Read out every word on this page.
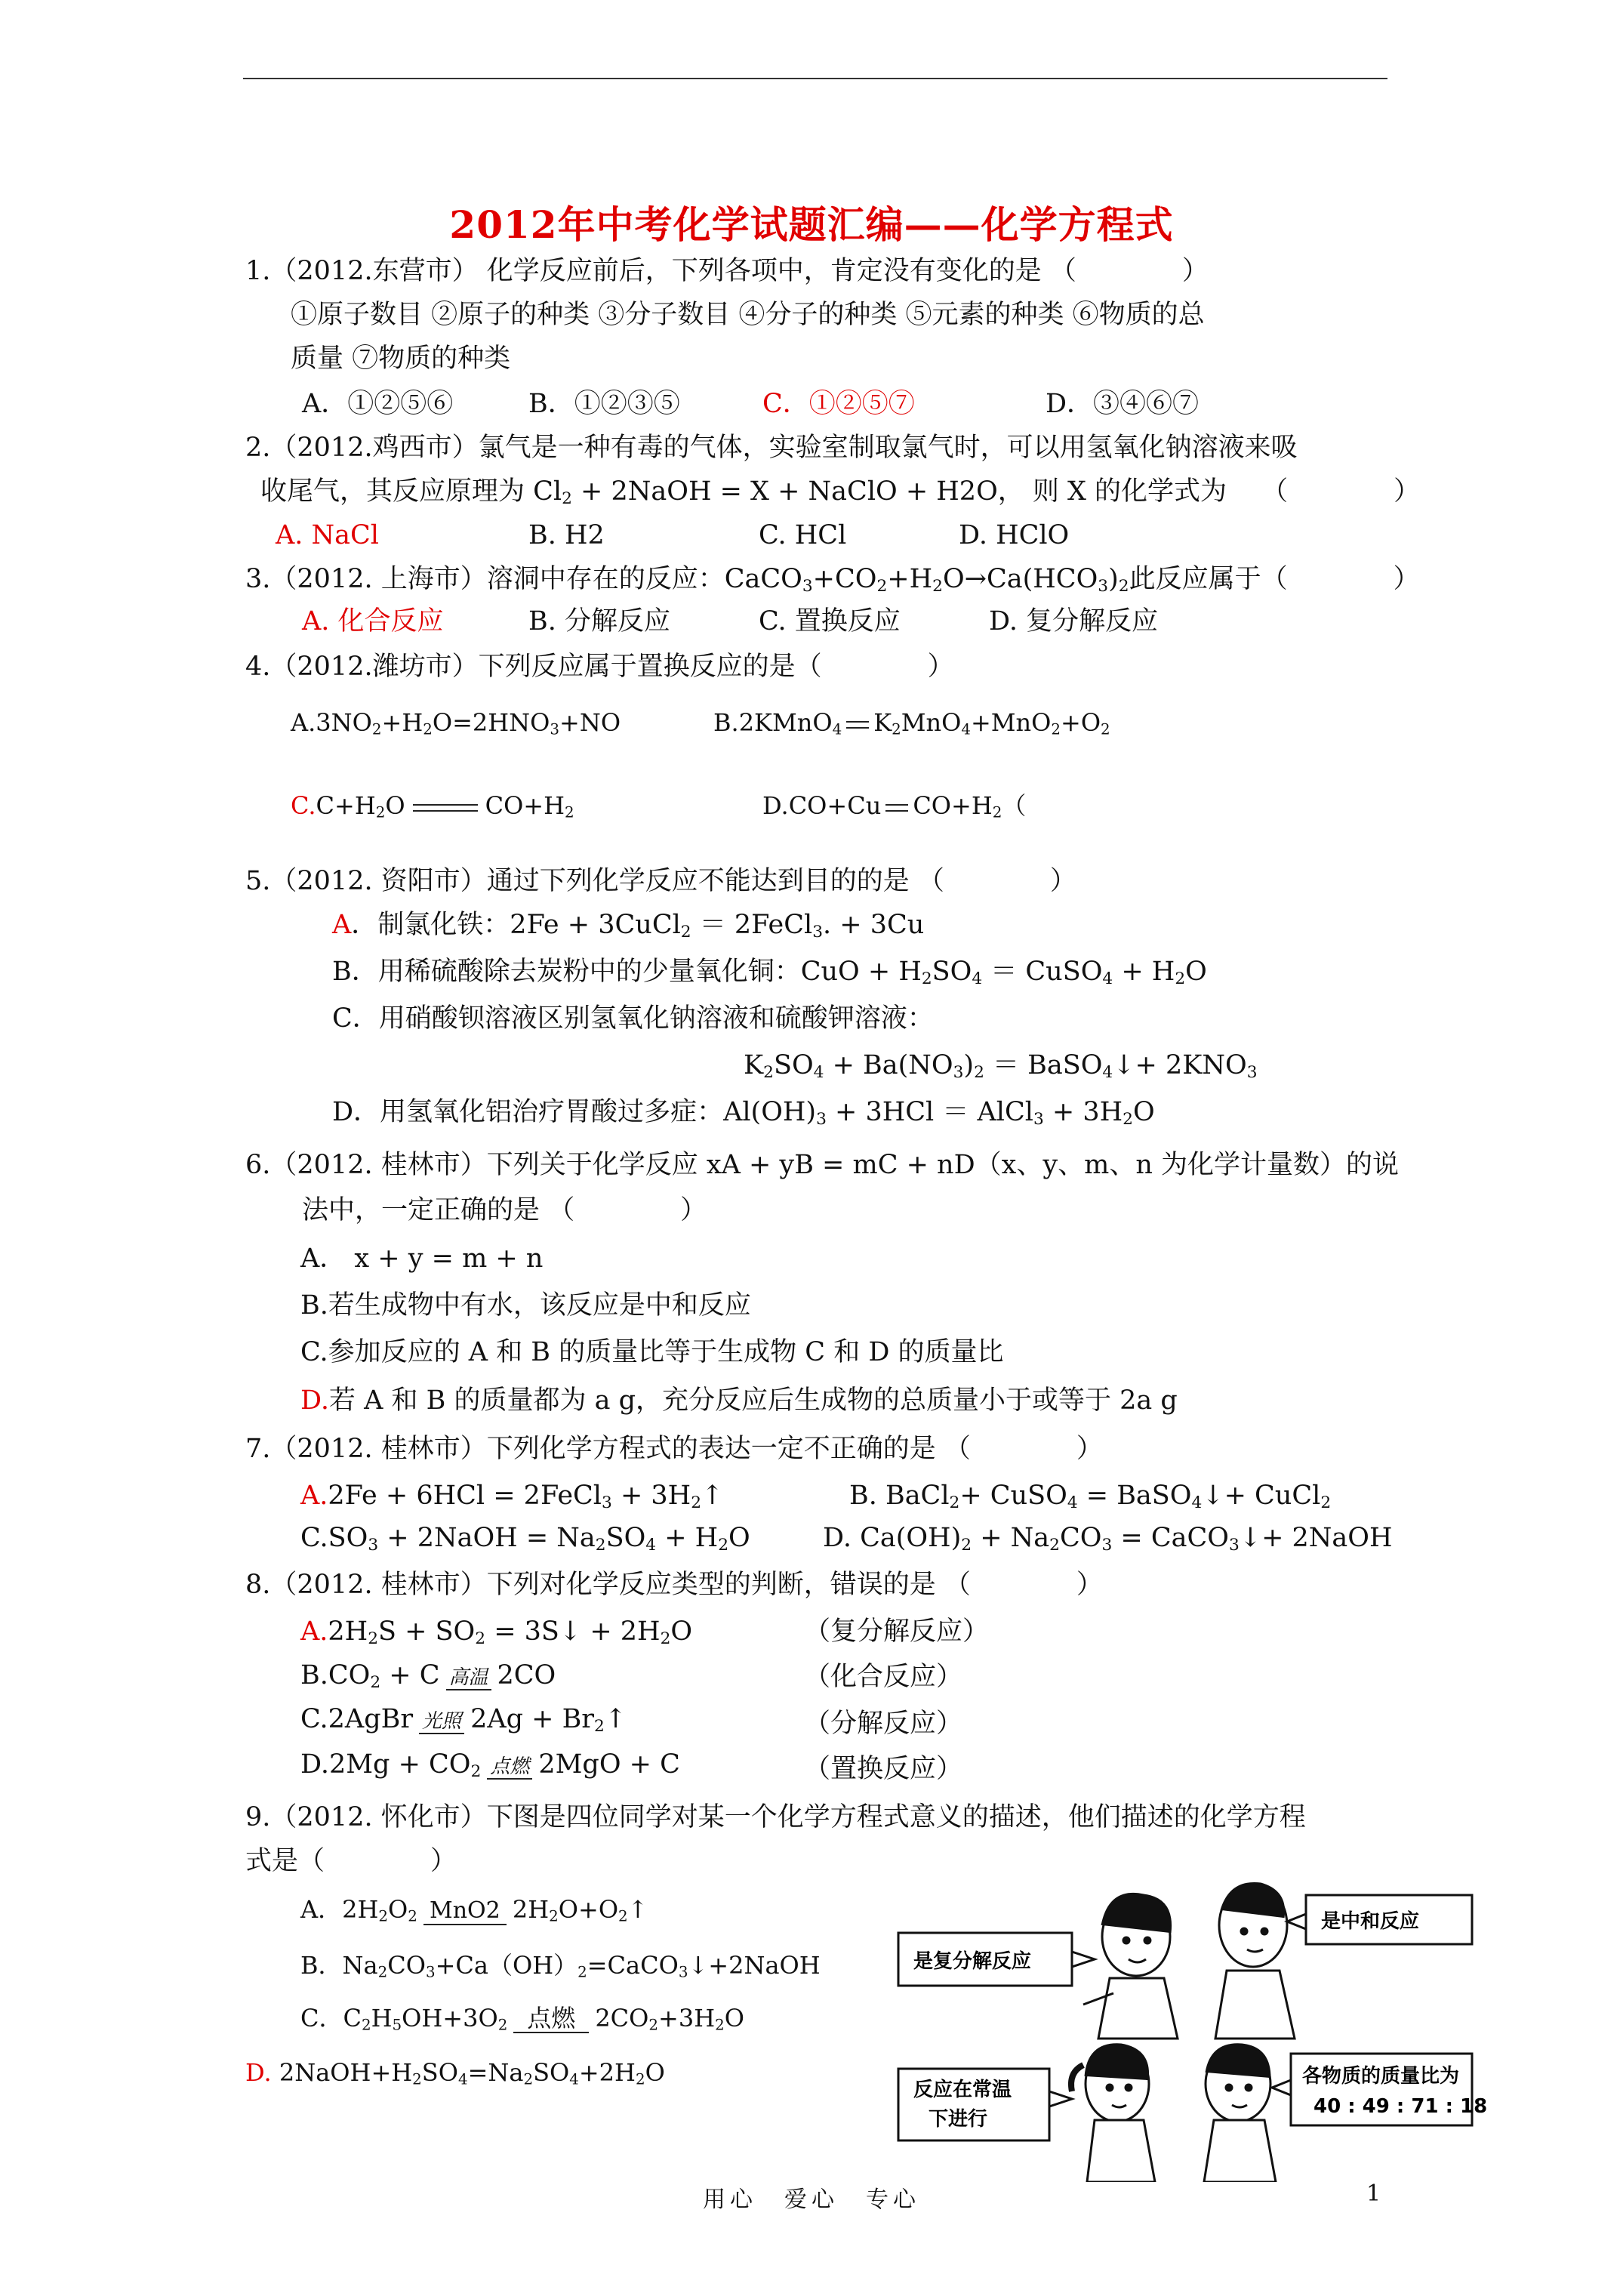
2012年中考化学试题汇编——化学方程式
1.（2012.东营市） 化学反应前后，下列各项中，肯定没有变化的是 （　　　　）
①原子数目 ②原子的种类 ③分子数目 ④分子的种类 ⑤元素的种类 ⑥物质的总
质量 ⑦物质的种类
A．①②⑤⑥	B．①②③⑤	C．①②⑤⑦	D．③④⑥⑦
2.（2012.鸡西市）氯气是一种有毒的气体，实验室制取氯气时，可以用氢氧化钠溶液来吸
收尾气，其反应原理为 $Cl_2$ + 2NaOH = X + NaClO + H2O， 则 X 的化学式为　 （　　　　）
A. NaCl	B. H2	C. HCl	D. HClO
3.（2012. 上海市）溶洞中存在的反应：$CaCO_3+CO_2+H_2O\to Ca(HCO_3)_2$此反应属于（　　　　）
A. 化合反应	B. 分解反应	C. 置换反应	D. 复分解反应
4.（2012.潍坊市）下列反应属于置换反应的是（　　　　）
$A.3NO_2+H_2O=2HNO_3+NO$	B.2KMnO$_4$ $K_2MnO_4+MnO_2+O_2$
$C.C+H_2O$	$CO+H_2$	D.CO+Cu $CO+H_2$（
5.（2012. 资阳市）通过下列化学反应不能达到目的的是 （　　　　）
A．制氯化铁：2Fe + 3CuCl$_2$ ＝ 2FeCl$_3$. + 3Cu
B．用稀硫酸除去炭粉中的少量氧化铜：CuO + $H_2SO_4$ ＝ CuSO$_4$ + $H_2O$
C．用硝酸钡溶液区别氢氧化钠溶液和硫酸钾溶液：
$K_2SO_4 + Ba(NO_3)_2$ ＝ BaSO$_4$↓+ $2KNO_3$
D．用氢氧化铝治疗胃酸过多症：$Al(OH)_3 + 3HCl$ ＝ AlCl$_3$ + $3H_2O$
6.（2012. 桂林市）下列关于化学反应 xA + yB = mC + nD（x、y、m、n 为化学计量数）的说
法中，一定正确的是 （　　　　）
A． x + y = m + n
B.若生成物中有水，该反应是中和反应
C.参加反应的 A 和 B 的质量比等于生成物 C 和 D 的质量比
D.若 A 和 B 的质量都为 a g，充分反应后生成物的总质量小于或等于 2a g
7.（2012. 桂林市）下列化学方程式的表达一定不正确的是 （　　　　）
A.2Fe + 6HCl = 2FeCl$_3$ + $3H_2↑$	B. BaCl$_2$+ CuSO$_4$ = BaSO$_4$↓+ CuCl$_2$
$C.SO_3$ + 2NaOH = $Na_2SO_4 + H_2O$	D. $Ca(OH)_2 + Na_2CO_3$ = CaCO$_3$↓+ 2NaOH
8.（2012. 桂林市）下列对化学反应类型的判断，错误的是 （　　　　）
$A.2H_2S + SO_2$ = 3S↓ + $2H_2O$	（复分解反应）
$B.CO_2 + C$ 高温 2CO	（化合反应）
C.2AgBr 光照 $2Ag + Br_2↑$	（分解反应）
$D.2Mg + CO_2$ 点燃 2MgO + C	（置换反应）
9.（2012. 怀化市）下图是四位同学对某一个化学方程式意义的描述，他们描述的化学方程
式是（　　　　）
A．$2H_2O_2$ MnO2 $2H_2O+O_2↑$
B．$Na_2CO_3+Ca(OH)_2=CaCO_3↓+2NaOH$
C．$C_2H_5OH+3O_2$ 点燃 $2CO_2+3H_2O$
D. $2NaOH+H_2SO_4=Na_2SO_4+2H_2O$
是复分解反应
是中和反应
反应在常温
下进行
各物质的质量比为
40 : 49 : 71 : 18
用心　爱心　专心	1
